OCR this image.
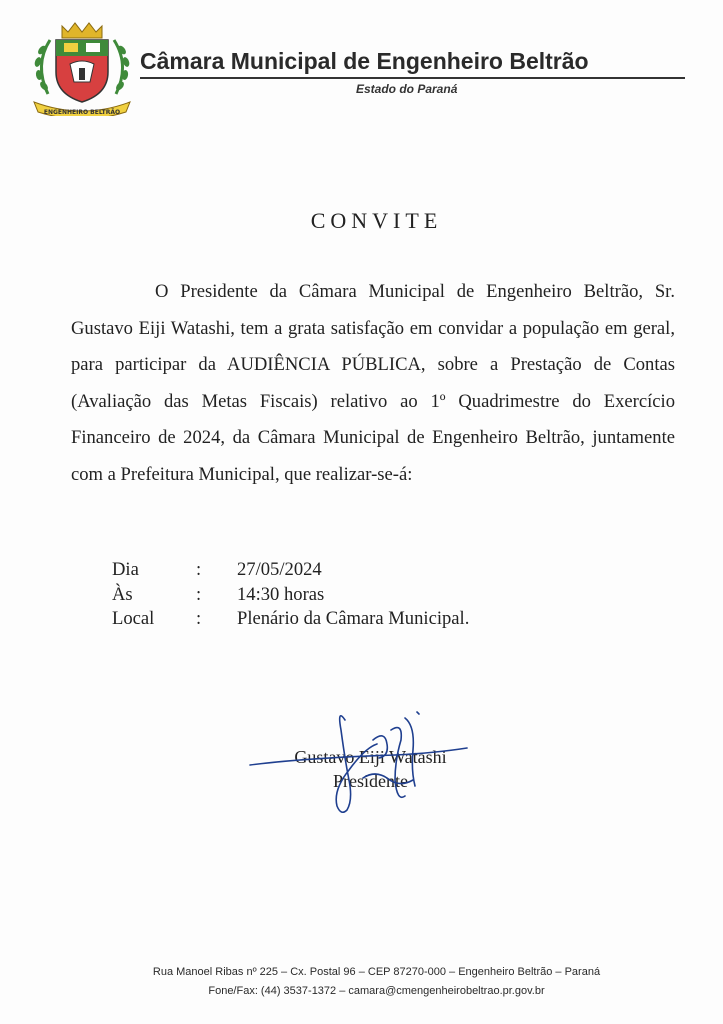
ENGENHEIRO BELTRÃO
Câmara Municipal de Engenheiro Beltrão
Estado do Paraná
CONVITE
O Presidente da Câmara Municipal de Engenheiro Beltrão, Sr. Gustavo Eiji Watashi, tem a grata satisfação em convidar a população em geral, para participar da AUDIÊNCIA PÚBLICA, sobre a Prestação de Contas (Avaliação das Metas Fiscais) relativo ao 1º Quadrimestre do Exercício Financeiro de 2024, da Câmara Municipal de Engenheiro Beltrão, juntamente com a Prefeitura Municipal, que realizar-se-á:
Dia	:	27/05/2024
Às	:	14:30 horas
Local	:	Plenário da Câmara Municipal.
Gustavo Eiji Watashi
Presidente
Rua Manoel Ribas nº 225 – Cx. Postal 96 – CEP 87270-000 – Engenheiro Beltrão – Paraná
Fone/Fax: (44) 3537-1372 – camara@cmengenheirobeltrao.pr.gov.br
